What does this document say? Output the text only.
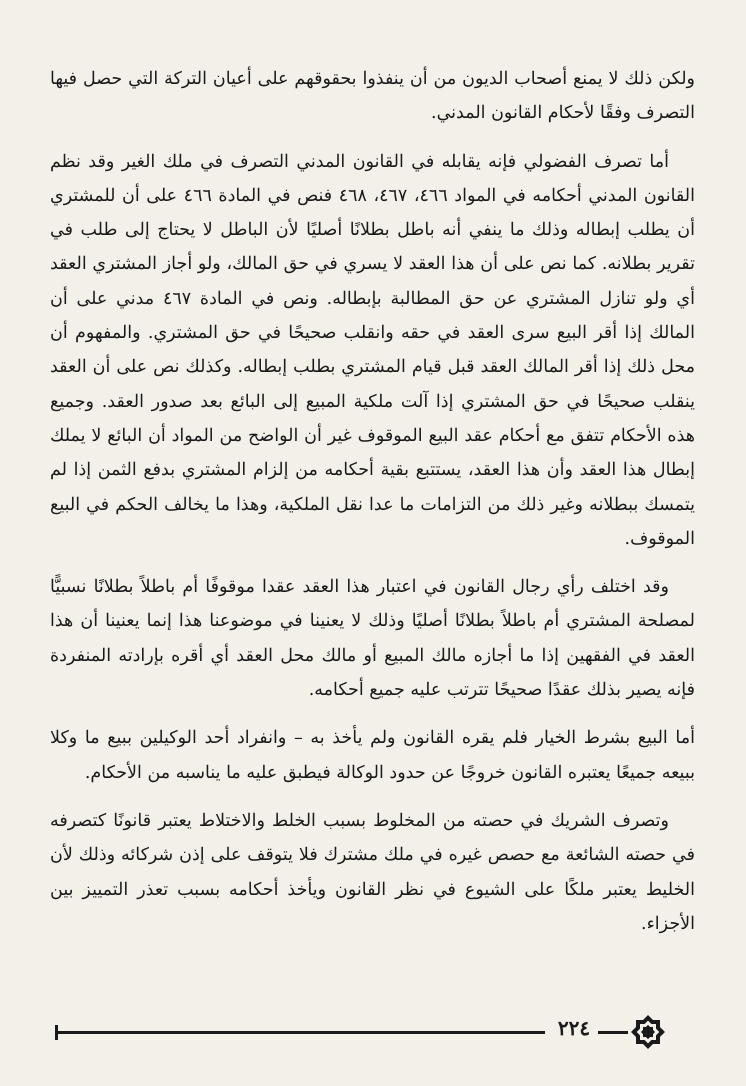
ولكن ذلك لا يمنع أصحاب الديون من أن ينفذوا بحقوقهم على أعيان التركة التي حصل فيها التصرف وفقًا لأحكام القانون المدني.

أما تصرف الفضولي فإنه يقابله في القانون المدني التصرف في ملك الغير وقد نظم القانون المدني أحكامه في المواد ٤٦٦، ٤٦٧، ٤٦٨ فنص في المادة ٤٦٦ على أن للمشتري أن يطلب إبطاله وذلك ما ينفي أنه باطل بطلانًا أصليًا لأن الباطل لا يحتاج إلى طلب في تقرير بطلانه. كما نص على أن هذا العقد لا يسري في حق المالك، ولو أجاز المشتري العقد أي ولو تنازل المشتري عن حق المطالبة بإبطاله. ونص في المادة ٤٦٧ مدني على أن المالك إذا أقر البيع سرى العقد في حقه وانقلب صحيحًا في حق المشتري. والمفهوم أن محل ذلك إذا أقر المالك العقد قبل قيام المشتري بطلب إبطاله. وكذلك نص على أن العقد ينقلب صحيحًا في حق المشتري إذا آلت ملكية المبيع إلى البائع بعد صدور العقد. وجميع هذه الأحكام تتفق مع أحكام عقد البيع الموقوف غير أن الواضح من المواد أن البائع لا يملك إبطال هذا العقد وأن هذا العقد، يستتبع بقية أحكامه من إلزام المشتري بدفع الثمن إذا لم يتمسك ببطلانه وغير ذلك من التزامات ما عدا نقل الملكية، وهذا ما يخالف الحكم في البيع الموقوف.

وقد اختلف رأي رجال القانون في اعتبار هذا العقد عقدا موقوفًا أم باطلاً بطلانًا نسبيًّا لمصلحة المشتري أم باطلاً بطلانًا أصليًا وذلك لا يعنينا في موضوعنا هذا إنما يعنينا أن هذا العقد في الفقهين إذا ما أجازه مالك المبيع أو مالك محل العقد أي أقره بإرادته المنفردة فإنه يصير بذلك عقدًا صحيحًا تترتب عليه جميع أحكامه.

أما البيع بشرط الخيار فلم يقره القانون ولم يأخذ به – وانفراد أحد الوكيلين ببيع ما وكلا ببيعه جميعًا يعتبره القانون خروجًا عن حدود الوكالة فيطبق عليه ما يناسبه من الأحكام.

وتصرف الشريك في حصته من المخلوط بسبب الخلط والاختلاط يعتبر قانونًا كتصرفه في حصته الشائعة مع حصص غيره في ملك مشترك فلا يتوقف على إذن شركائه وذلك لأن الخليط يعتبر ملكًا على الشيوع في نظر القانون ويأخذ أحكامه بسبب تعذر التمييز بين الأجزاء.

٢٢٤
